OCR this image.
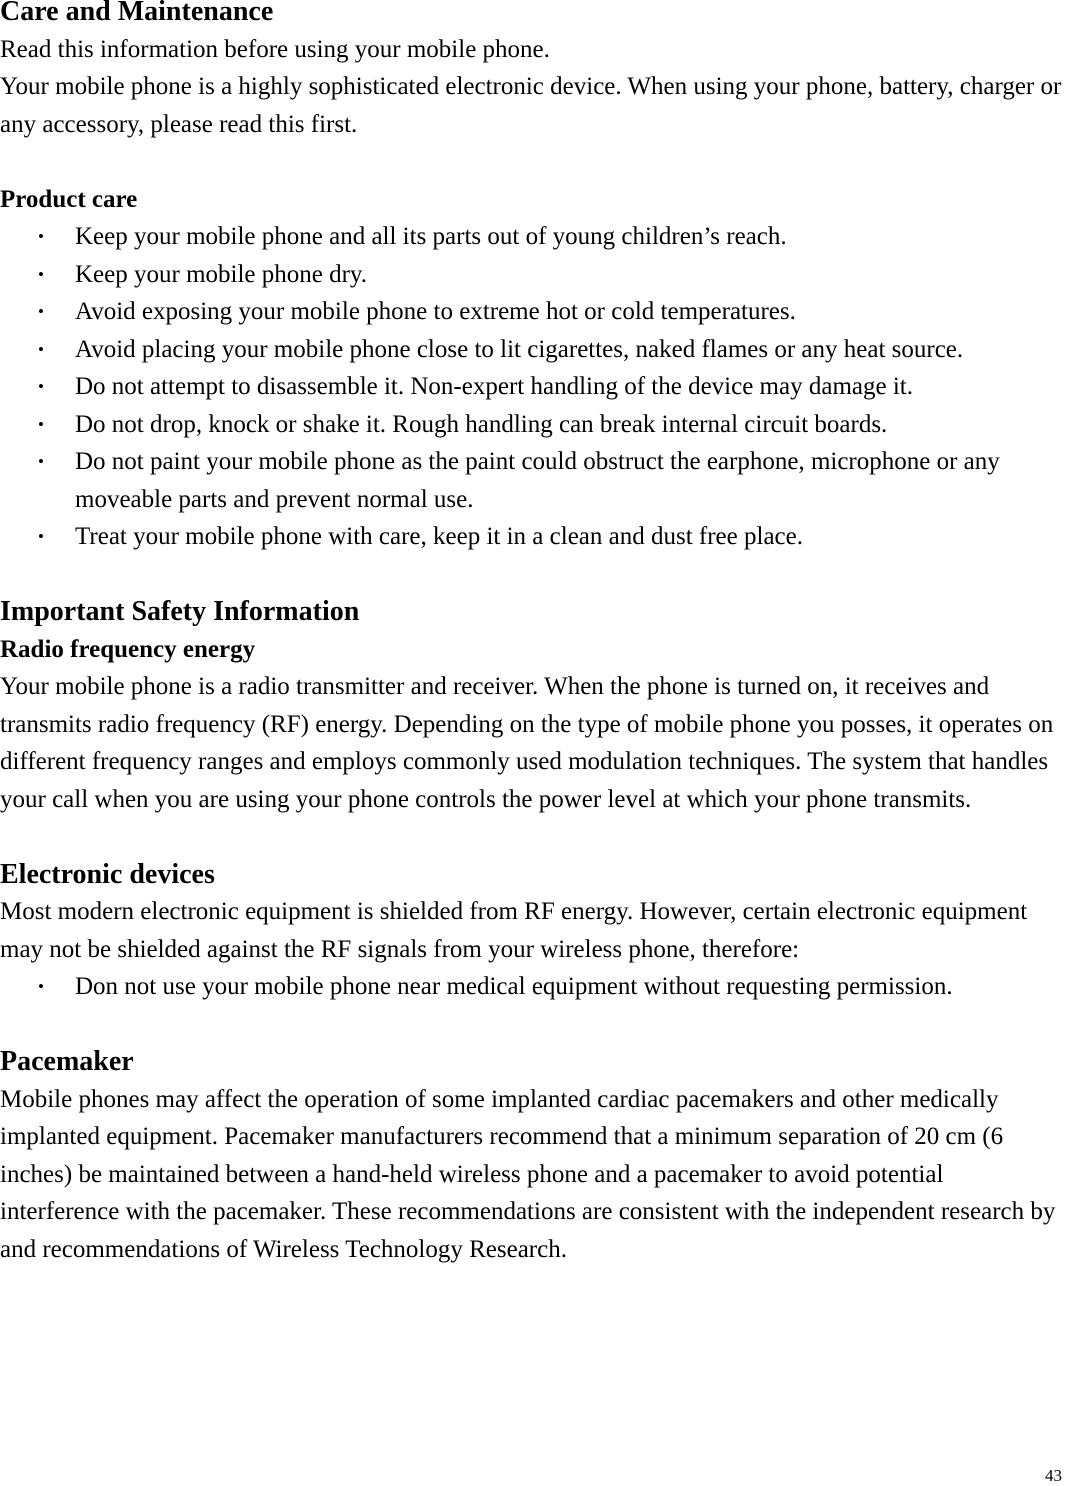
Care and Maintenance

Read this information before using your mobile phone.

Your mobile phone is a highly sophisticated electronic device. When using your phone, battery, charger or any accessory, please read this first.

Product care
• Keep your mobile phone and all its parts out of young children’s reach.
• Keep your mobile phone dry.
• Avoid exposing your mobile phone to extreme hot or cold temperatures.
• Avoid placing your mobile phone close to lit cigarettes, naked flames or any heat source.
• Do not attempt to disassemble it. Non-expert handling of the device may damage it.
• Do not drop, knock or shake it. Rough handling can break internal circuit boards.
• Do not paint your mobile phone as the paint could obstruct the earphone, microphone or any moveable parts and prevent normal use.
• Treat your mobile phone with care, keep it in a clean and dust free place.
Important Safety Information
Radio frequency energy

Your mobile phone is a radio transmitter and receiver. When the phone is turned on, it receives and transmits radio frequency (RF) energy. Depending on the type of mobile phone you posses, it operates on different frequency ranges and employs commonly used modulation techniques. The system that handles your call when you are using your phone controls the power level at which your phone transmits.

Electronic devices

Most modern electronic equipment is shielded from RF energy. However, certain electronic equipment may not be shielded against the RF signals from your wireless phone, therefore:

• Don not use your mobile phone near medical equipment without requesting permission.
Pacemaker

Mobile phones may affect the operation of some implanted cardiac pacemakers and other medically implanted equipment. Pacemaker manufacturers recommend that a minimum separation of 20 cm (6 inches) be maintained between a hand-held wireless phone and a pacemaker to avoid potential interference with the pacemaker. These recommendations are consistent with the independent research by and recommendations of Wireless Technology Research.

43
